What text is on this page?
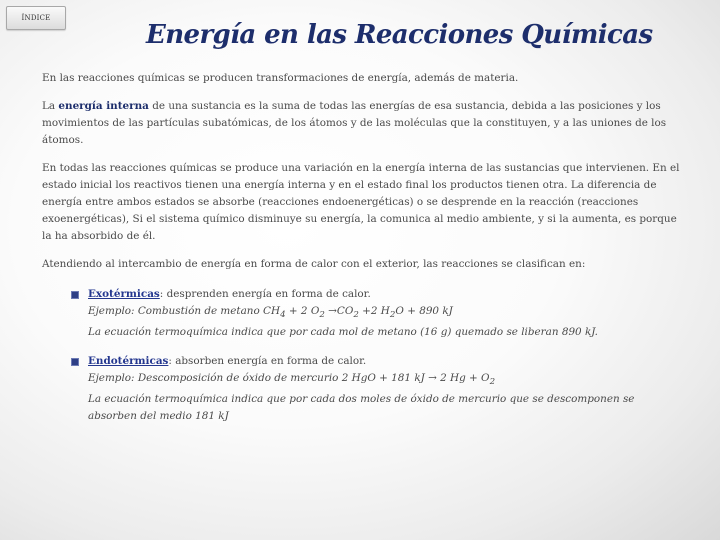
ÍNDICE
Energía en las Reacciones Químicas

En las reacciones químicas se producen transformaciones de energía, además de materia.

La energía interna de una sustancia es la suma de todas las energías de esa sustancia, debida a las posiciones y los movimientos de las partículas subatómicas, de los átomos y de las moléculas que la constituyen, y a las uniones de los átomos.

En todas las reacciones químicas se produce una variación en la energía interna de las sustancias que intervienen. En el estado inicial los reactivos tienen una energía interna y en el estado final los productos tienen otra. La diferencia de energía entre ambos estados se absorbe (reacciones endoenergéticas) o se desprende en la reacción (reacciones exoenergéticas), Si el sistema químico disminuye su energía, la comunica al medio ambiente, y si la aumenta, es porque la ha absorbido de él.

Atendiendo al intercambio de energía en forma de calor con el exterior, las reacciones se clasifican en:

Exotérmicas: desprenden energía en forma de calor.
Ejemplo: Combustión de metano $CH_4 + 2$ $O_2 \to CO_2 +2$ $H_2O + 890$ kJ
La ecuación termoquímica indica que por cada mol de metano (16 g) quemado se liberan 890 kJ.
Endotérmicas: absorben energía en forma de calor.
Ejemplo: Descomposición de óxido de mercurio 2 HgO + 181 kJ → 2 $Hg + O_2$
La ecuación termoquímica indica que por cada dos moles de óxido de mercurio que se descomponen se absorben del medio 181 kJ
